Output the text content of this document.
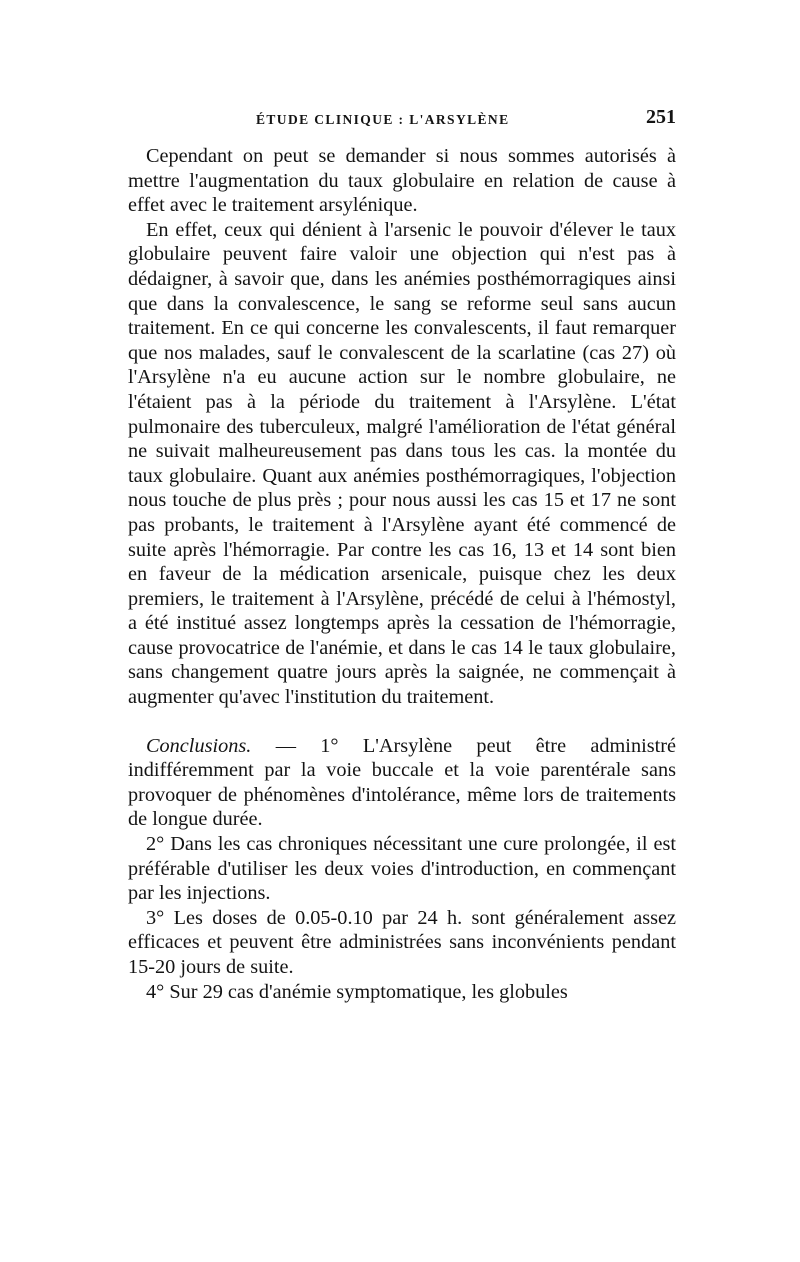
ÉTUDE CLINIQUE : L'ARSYLÈNE	251

Cependant on peut se demander si nous sommes autorisés à mettre l'augmentation du taux globulaire en relation de cause à effet avec le traitement arsylénique.

En effet, ceux qui dénient à l'arsenic le pouvoir d'élever le taux globulaire peuvent faire valoir une objection qui n'est pas à dédaigner, à savoir que, dans les anémies posthémorragiques ainsi que dans la convalescence, le sang se reforme seul sans aucun traitement. En ce qui concerne les convalescents, il faut remarquer que nos malades, sauf le convalescent de la scarlatine (cas 27) où l'Arsylène n'a eu aucune action sur le nombre globulaire, ne l'étaient pas à la période du traitement à l'Arsylène. L'état pulmonaire des tuberculeux, malgré l'amélioration de l'état général ne suivait malheureusement pas dans tous les cas. la montée du taux globulaire. Quant aux anémies posthémorragiques, l'objection nous touche de plus près ; pour nous aussi les cas 15 et 17 ne sont pas probants, le traitement à l'Arsylène ayant été commencé de suite après l'hémorragie. Par contre les cas 16, 13 et 14 sont bien en faveur de la médication arsenicale, puisque chez les deux premiers, le traitement à l'Arsylène, précédé de celui à l'hémostyl, a été institué assez longtemps après la cessation de l'hémorragie, cause provocatrice de l'anémie, et dans le cas 14 le taux globulaire, sans changement quatre jours après la saignée, ne commençait à augmenter qu'avec l'institution du traitement.

Conclusions. — 1° L'Arsylène peut être administré indifféremment par la voie buccale et la voie parentérale sans provoquer de phénomènes d'intolérance, même lors de traitements de longue durée.

2° Dans les cas chroniques nécessitant une cure prolongée, il est préférable d'utiliser les deux voies d'introduction, en commençant par les injections.

3° Les doses de 0.05-0.10 par 24 h. sont généralement assez efficaces et peuvent être administrées sans inconvénients pendant 15-20 jours de suite.

4° Sur 29 cas d'anémie symptomatique, les globules
